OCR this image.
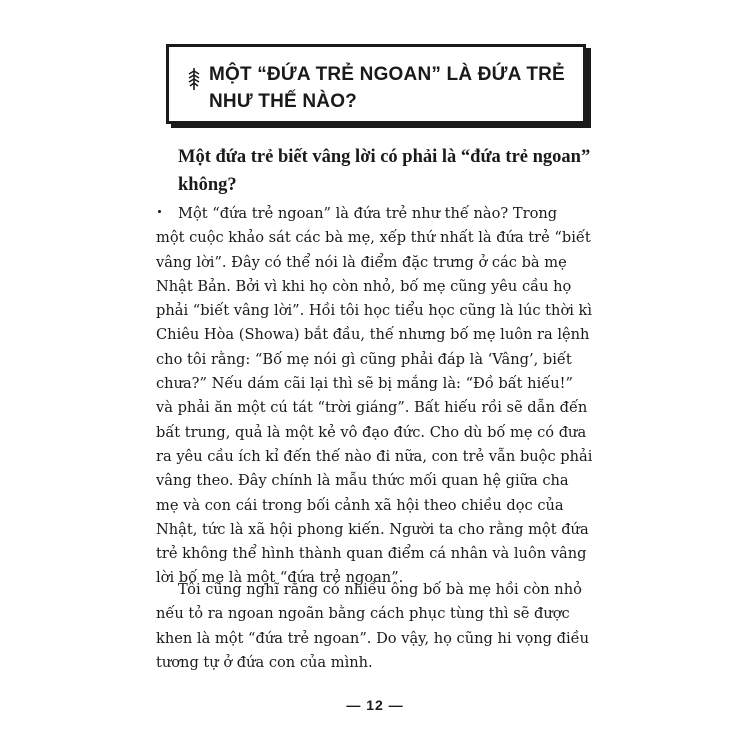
MỘT “ĐỨA TRẺ NGOAN” LÀ ĐỨA TRẺ
NHƯ THẾ NÀO?
Một đứa trẻ biết vâng lời có phải là “đứa trẻ ngoan”
không?
Một “đứa trẻ ngoan” là đứa trẻ như thế nào? Trong
một cuộc khảo sát các bà mẹ, xếp thứ nhất là đứa trẻ “biết
vâng lời”. Đây có thể nói là điểm đặc trưng ở các bà mẹ
Nhật Bản. Bởi vì khi họ còn nhỏ, bố mẹ cũng yêu cầu họ
phải “biết vâng lời”. Hồi tôi học tiểu học cũng là lúc thời kì
Chiêu Hòa (Showa) bắt đầu, thế nhưng bố mẹ luôn ra lệnh
cho tôi rằng: “Bố mẹ nói gì cũng phải đáp là ‘Vâng’, biết
chưa?” Nếu dám cãi lại thì sẽ bị mắng là: “Đồ bất hiếu!”
và phải ăn một cú tát “trời giáng”. Bất hiếu rồi sẽ dẫn đến
bất trung, quả là một kẻ vô đạo đức. Cho dù bố mẹ có đưa
ra yêu cầu ích kỉ đến thế nào đi nữa, con trẻ vẫn buộc phải
vâng theo. Đây chính là mẫu thức mối quan hệ giữa cha
mẹ và con cái trong bối cảnh xã hội theo chiều dọc của
Nhật, tức là xã hội phong kiến. Người ta cho rằng một đứa
trẻ không thể hình thành quan điểm cá nhân và luôn vâng
lời bố mẹ là một “đứa trẻ ngoan”.
Tôi cũng nghĩ rằng có nhiều ông bố bà mẹ hồi còn nhỏ
nếu tỏ ra ngoan ngoãn bằng cách phục tùng thì sẽ được
khen là một “đứa trẻ ngoan”. Do vậy, họ cũng hi vọng điều
tương tự ở đứa con của mình.
— 12 —
